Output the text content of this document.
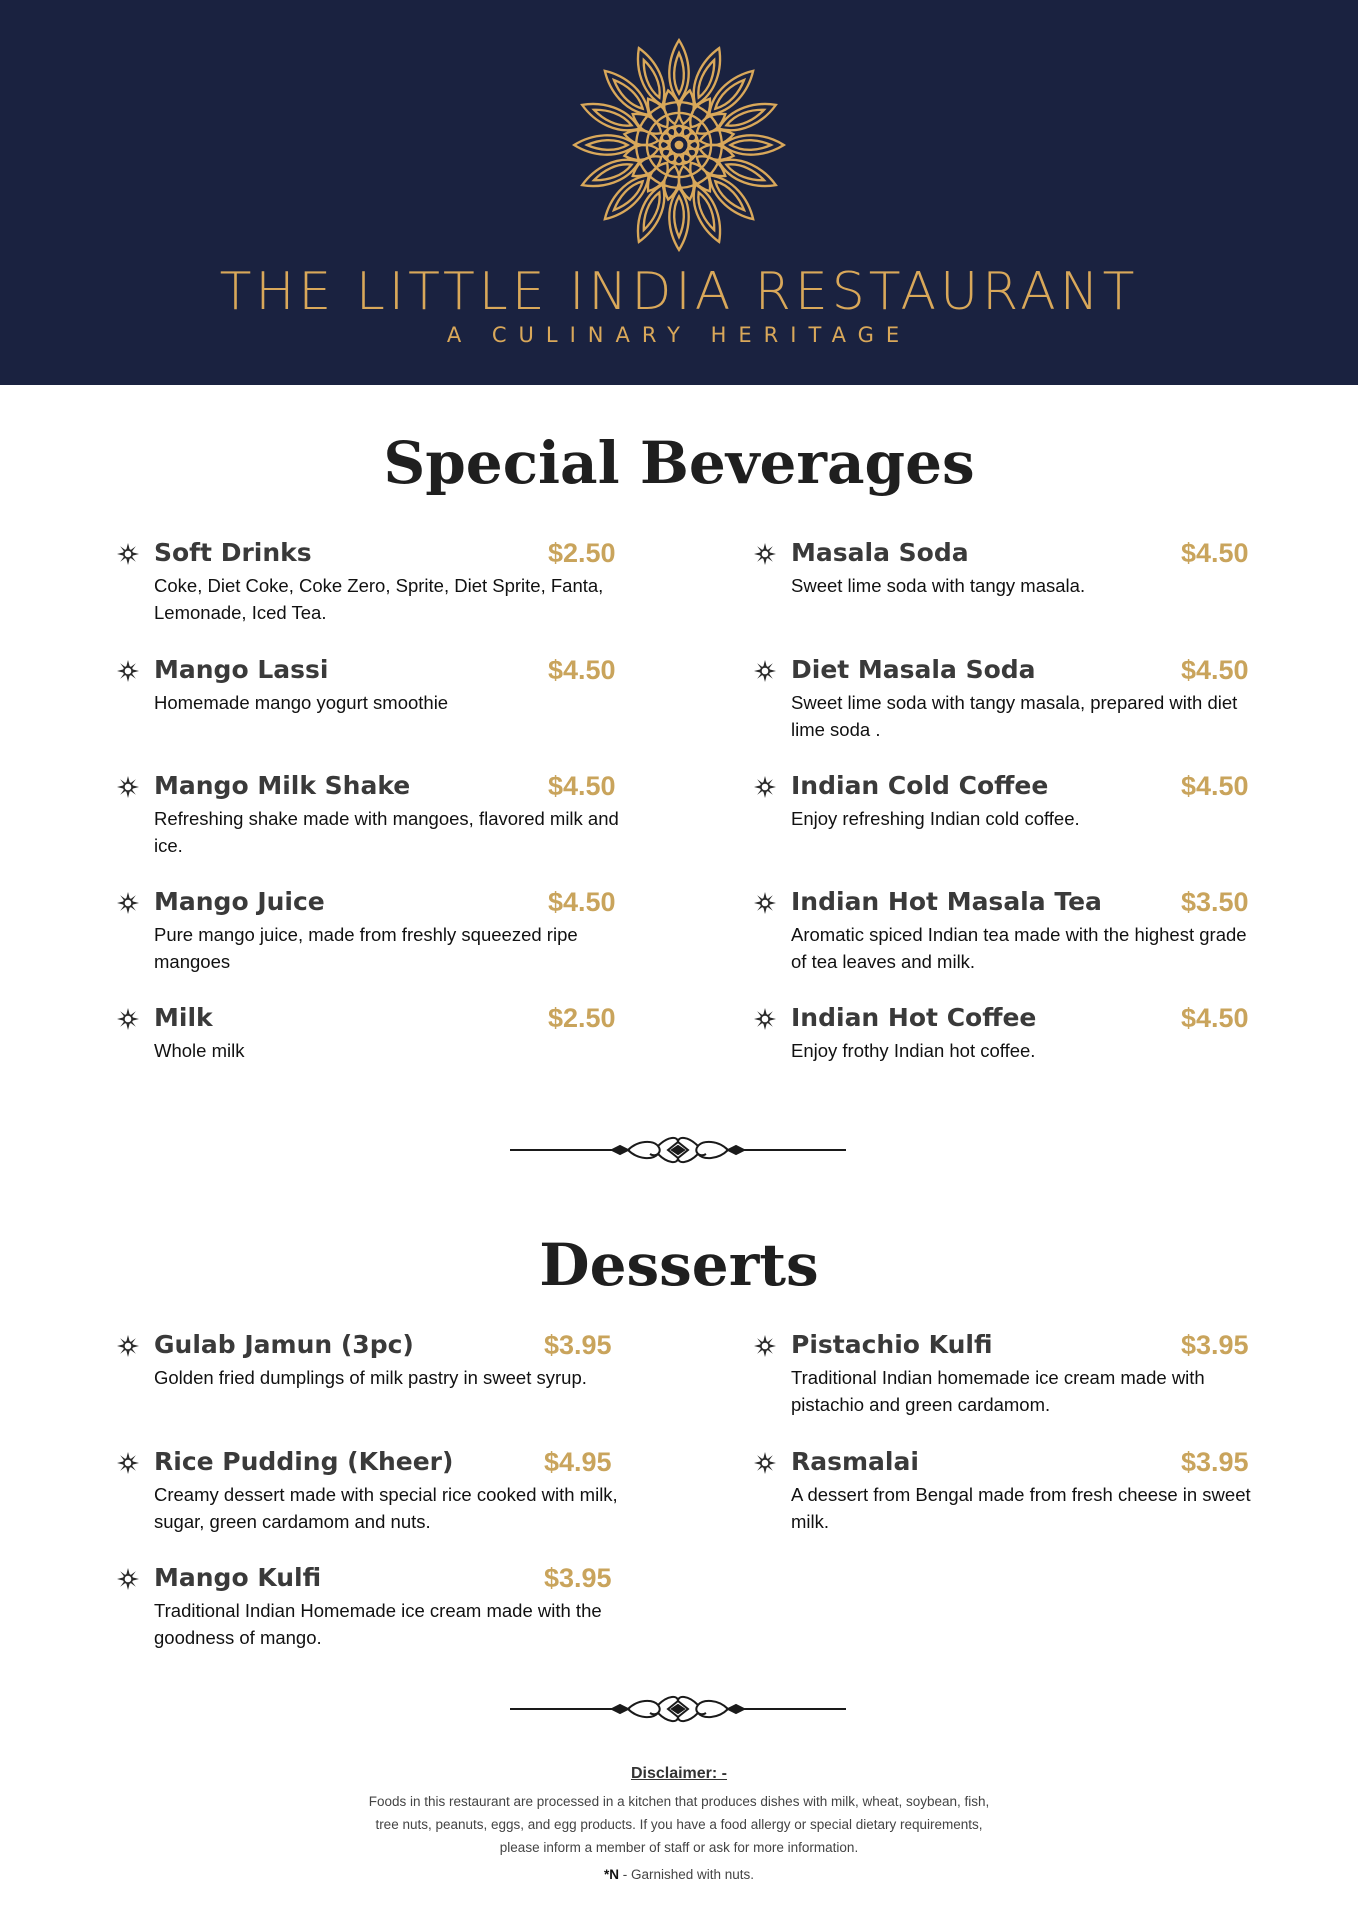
THE LITTLE INDIA RESTAURANT
A CULINARY HERITAGE
Special Beverages
Soft Drinks	$2.50
Coke, Diet Coke, Coke Zero, Sprite, Diet Sprite, Fanta, Lemonade, Iced Tea.
Mango Lassi	$4.50
Homemade mango yogurt smoothie
Mango Milk Shake	$4.50
Refreshing shake made with mangoes, flavored milk and ice.
Mango Juice	$4.50
Pure mango juice, made from freshly squeezed ripe mangoes
Milk	$2.50
Whole milk
Masala Soda	$4.50
Sweet lime soda with tangy masala.
Diet Masala Soda	$4.50
Sweet lime soda with tangy masala, prepared with diet lime soda .
Indian Cold Coffee	$4.50
Enjoy refreshing Indian cold coffee.
Indian Hot Masala Tea	$3.50
Aromatic spiced Indian tea made with the highest grade of tea leaves and milk.
Indian Hot Coffee	$4.50
Enjoy frothy Indian hot coffee.
Desserts
Gulab Jamun (3pc)	$3.95
Golden fried dumplings of milk pastry in sweet syrup.
Rice Pudding (Kheer)	$4.95
Creamy dessert made with special rice cooked with milk, sugar, green cardamom and nuts.
Mango Kulfi	$3.95
Traditional Indian Homemade ice cream made with the goodness of mango.
Pistachio Kulfi	$3.95
Traditional Indian homemade ice cream made with pistachio and green cardamom.
Rasmalai	$3.95
A dessert from Bengal made from fresh cheese in sweet milk.
Disclaimer: -
Foods in this restaurant are processed in a kitchen that produces dishes with milk, wheat, soybean, fish, tree nuts, peanuts, eggs, and egg products. If you have a food allergy or special dietary requirements, please inform a member of staff or ask for more information.
*N - Garnished with nuts.
